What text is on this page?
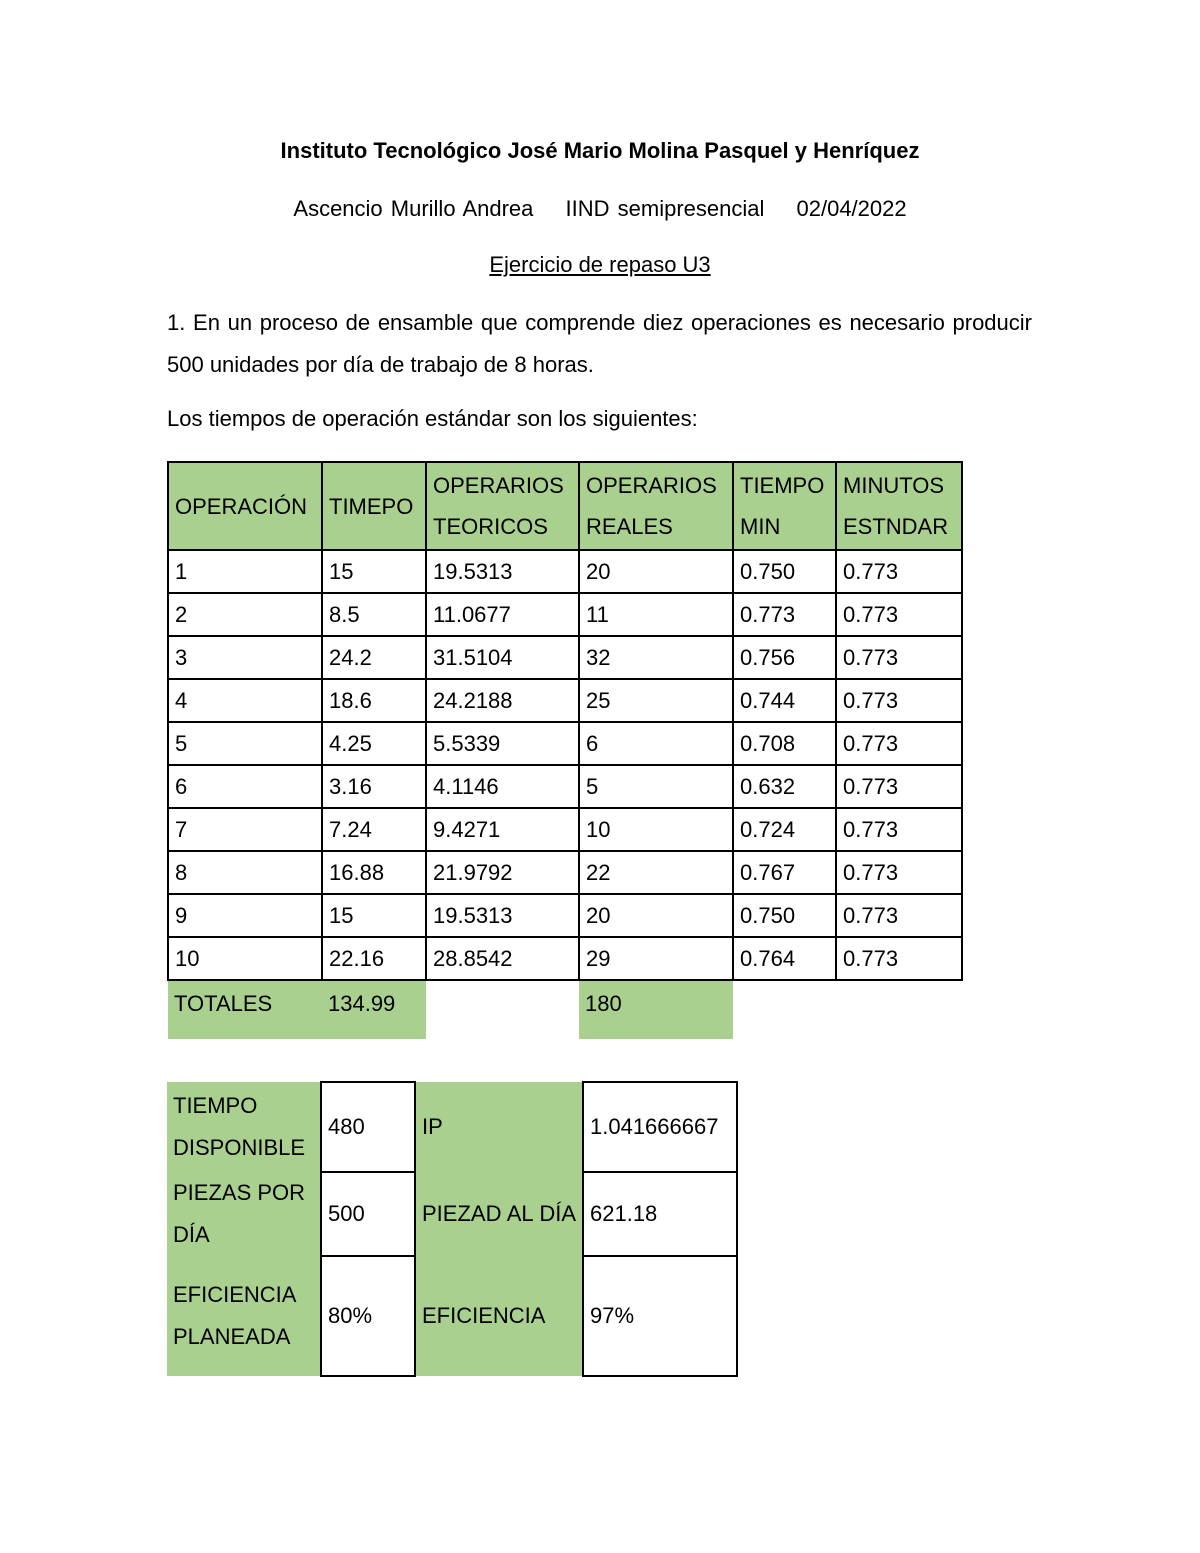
Instituto Tecnológico José Mario Molina Pasquel y Henríquez
Ascencio Murillo Andrea IIND semipresencial 02/04/2022
Ejercicio de repaso U3
1. En un proceso de ensamble que comprende diez operaciones es necesario producir 500 unidades por día de trabajo de 8 horas.
Los tiempos de operación estándar son los siguientes:
OPERACIÓN	TIMEPO	OPERARIOS TEORICOS	OPERARIOS REALES	TIEMPO MIN	MINUTOS ESTNDAR
1	15	19.5313	20	0.750	0.773
2	8.5	11.0677	11	0.773	0.773
3	24.2	31.5104	32	0.756	0.773
4	18.6	24.2188	25	0.744	0.773
5	4.25	5.5339	6	0.708	0.773
6	3.16	4.1146	5	0.632	0.773
7	7.24	9.4271	10	0.724	0.773
8	16.88	21.9792	22	0.767	0.773
9	15	19.5313	20	0.750	0.773
10	22.16	28.8542	29	0.764	0.773
TOTALES	134.99		180		
TIEMPO DISPONIBLE	480	IP	1.041666667
PIEZAS POR DÍA	500	PIEZAD AL DÍA	621.18
EFICIENCIA PLANEADA	80%	EFICIENCIA	97%
